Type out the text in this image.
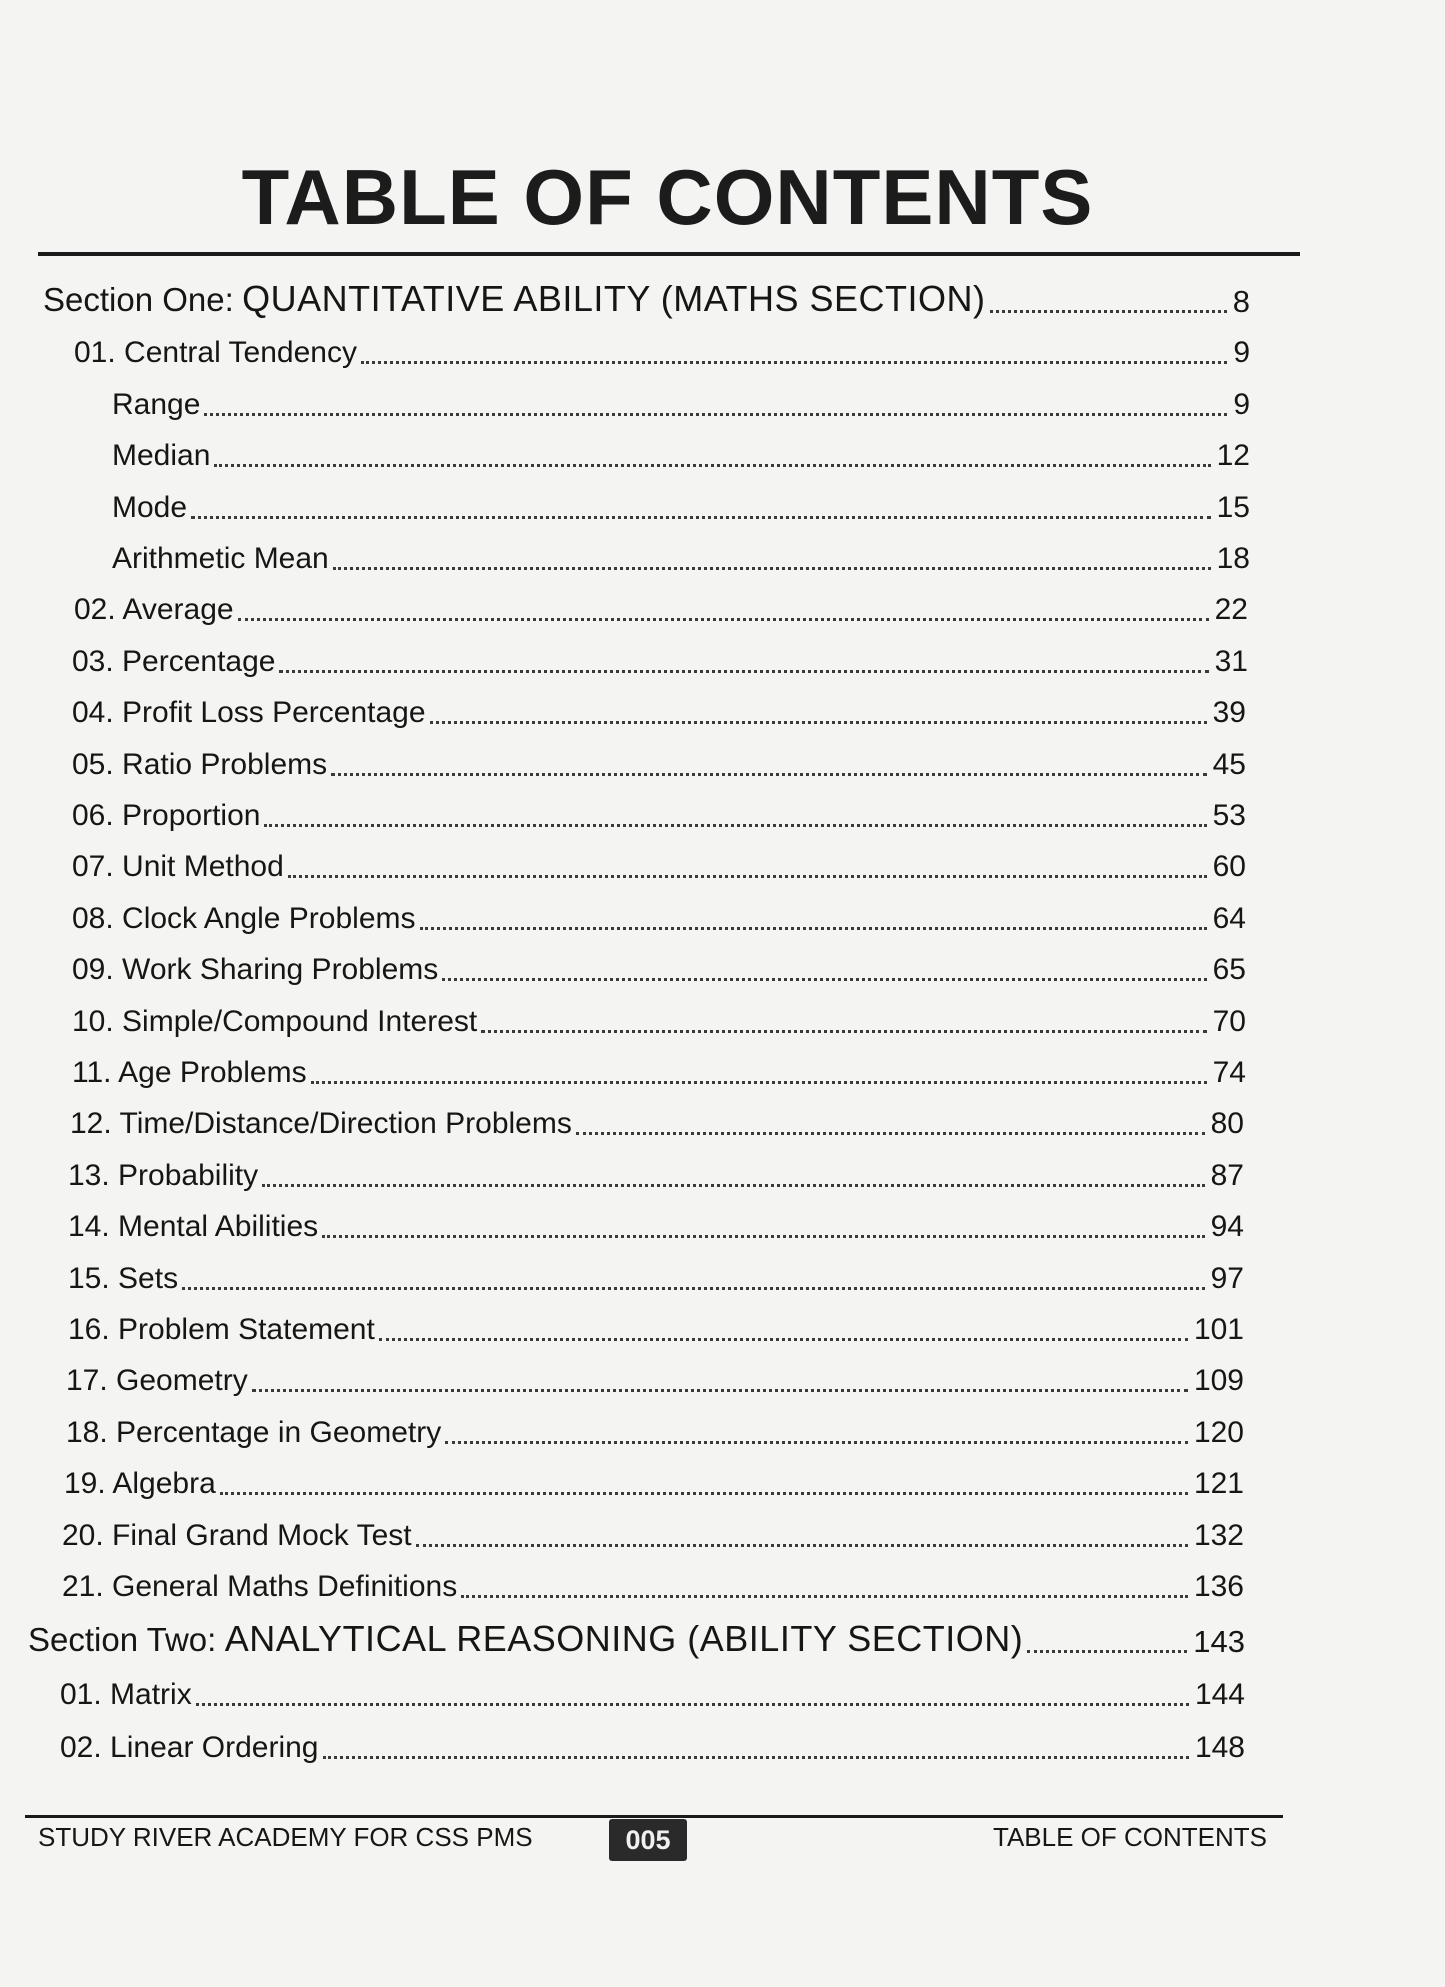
TABLE OF CONTENTS
Section One: QUANTITATIVE ABILITY (MATHS SECTION)	8
01. Central Tendency	9
Range	9
Median	12
Mode	15
Arithmetic Mean	18
02. Average	22
03. Percentage	31
04. Profit Loss Percentage	39
05. Ratio Problems	45
06. Proportion	53
07. Unit Method	60
08. Clock Angle Problems	64
09. Work Sharing Problems	65
10. Simple/Compound Interest	70
11. Age Problems	74
12. Time/Distance/Direction Problems	80
13. Probability	87
14. Mental Abilities	94
15. Sets	97
16. Problem Statement	101
17. Geometry	109
18. Percentage in Geometry	120
19. Algebra	121
20. Final Grand Mock Test	132
21. General Maths Definitions	136
Section Two: ANALYTICAL REASONING (ABILITY SECTION)	143
01. Matrix	144
02. Linear Ordering	148
STUDY RIVER ACADEMY FOR CSS PMS	005	TABLE OF CONTENTS
